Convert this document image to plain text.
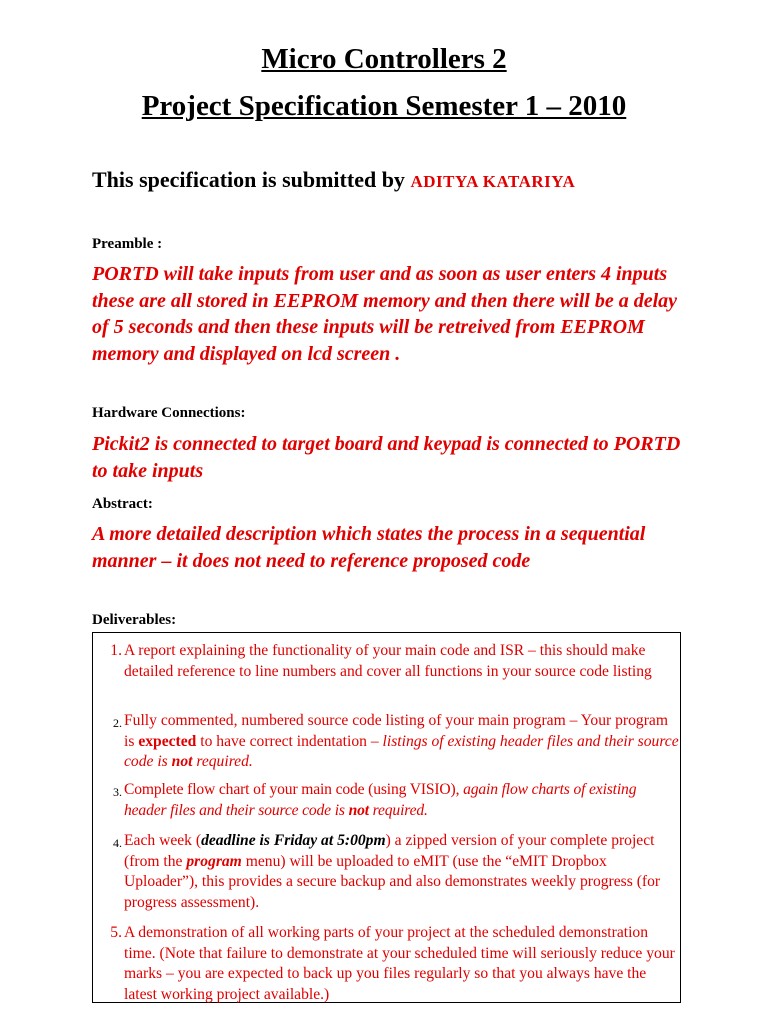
Micro Controllers 2
Project Specification Semester 1 – 2010
This specification is submitted by ADITYA KATARIYA
Preamble :
PORTD will take inputs from user and as soon as user enters 4 inputs these are all stored in EEPROM memory and then there will be a delay of 5 seconds and then these inputs will be retreived from EEPROM memory and displayed on lcd screen .
Hardware Connections:
Pickit2 is connected to target board and keypad is connected to PORTD to take inputs
Abstract:
A more detailed description which states the process in a sequential manner – it does not need to reference proposed code
Deliverables:
1. A report explaining the functionality of your main code and ISR – this should make detailed reference to line numbers and cover all functions in your source code listing
2. Fully commented, numbered source code listing of your main program – Your program is expected to have correct indentation – listings of existing header files and their source code is not required.
3. Complete flow chart of your main code (using VISIO), again flow charts of existing header files and their source code is not required.
4. Each week (deadline is Friday at 5:00pm) a zipped version of your complete project (from the program menu) will be uploaded to eMIT (use the “eMIT Dropbox Uploader”), this provides a secure backup and also demonstrates weekly progress (for progress assessment).
5. A demonstration of all working parts of your project at the scheduled demonstration time. (Note that failure to demonstrate at your scheduled time will seriously reduce your marks – you are expected to back up you files regularly so that you always have the latest working project available.)
